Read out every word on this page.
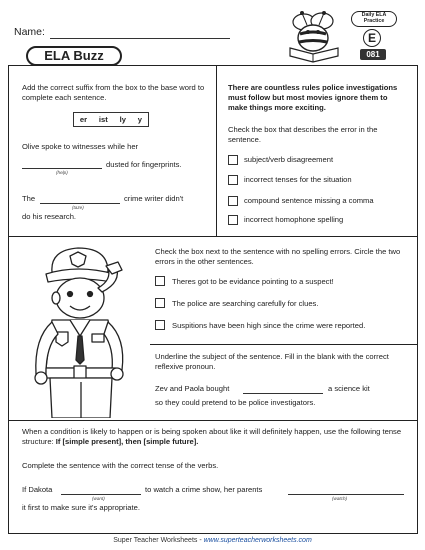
Name:
ELA Buzz
Daily ELA
Practice
E
081
Add the correct suffix from the box to the base word to complete each sentence.
er ist ly y
Olive spoke to witnesses while her
dusted for fingerprints.
(help)
The	crime writer didn't
(taze)
do his research.
There are countless rules police investigations must follow but most movies ignore them to make things more exciting.
Check the box that describes the error in the sentence.
subject/verb disagreement
incorrect tenses for the situation
compound sentence missing a comma
incorrect homophone spelling
Check the box next to the sentence with no spelling errors. Circle the two errors in the other sentences.
Theres got to be evidance pointing to a suspect!
The police are searching carefully for clues.
Suspitions have been high since the crime were reported.
Underline the subject of the sentence. Fill in the blank with the correct reflexive pronoun.
Zev and Paola bought	a science kit
so they could pretend to be police investigators.
When a condition is likely to happen or is being spoken about like it will definitely happen, use the following tense structure: If [simple present], then [simple future].
Complete the sentence with the correct tense of the verbs.
If Dakota	to watch a crime show, her parents
(want)	(watch)
it first to make sure it's appropriate.
Super Teacher Worksheets - www.superteacherworksheets.com
